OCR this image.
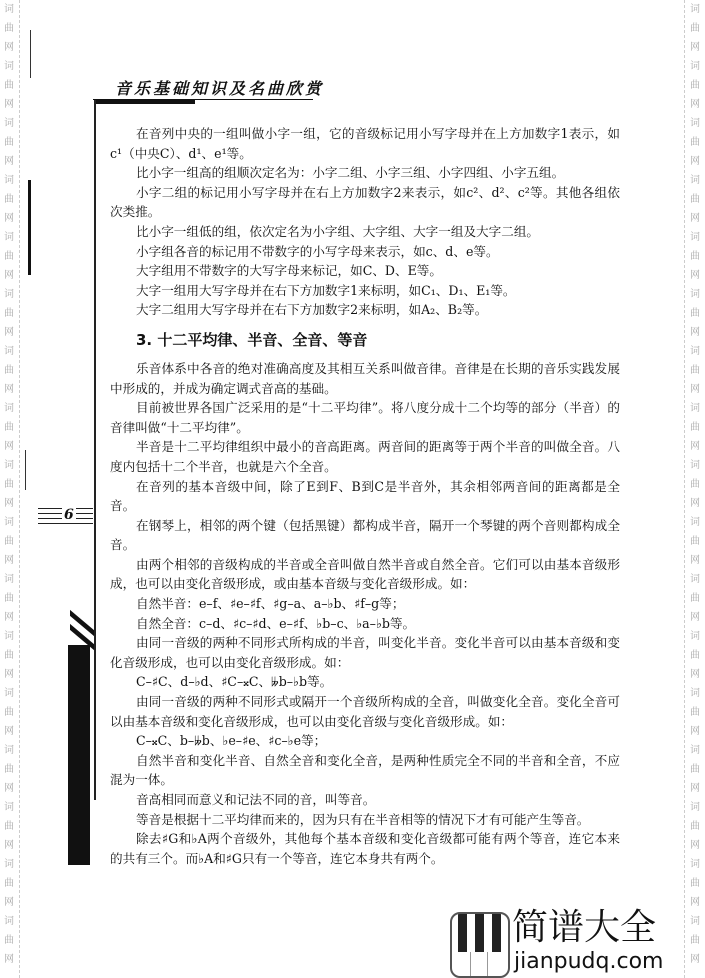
词
曲
网
词
曲
网
词
曲
网
词
曲
网
词
曲
网
词
曲
网
词
曲
网
词
曲
网
词
曲
网
词
曲
网
词
曲
网
词
曲
网
词
曲
网
词
曲
网
词
曲
网
词
曲
网
词
曲
网
词
曲
网
词
曲
网
词
曲
网
词
曲
网
词
曲
网
词
曲
网
词
曲
网
词
曲
网
词
曲
网
词
曲
网
词
曲
网
词
曲
网
词
曲
网
词
曲
网
词
曲
网
词
曲
网
词
曲
网
音乐基础知识及名曲欣赏
6

在音列中央的一组叫做小字一组，它的音级标记用小写字母并在上方加数字1表示，如c¹（中央C）、d¹、e¹等。

比小字一组高的组顺次定名为：小字二组、小字三组、小字四组、小字五组。

小字二组的标记用小写字母并在右上方加数字2来表示，如c²、d²、c²等。其他各组依次类推。

比小字一组低的组，依次定名为小字组、大字组、大字一组及大字二组。

小字组各音的标记用不带数字的小写字母来表示，如c、d、e等。

大字组用不带数字的大写字母来标记，如C、D、E等。

大字一组用大写字母并在右下方加数字1来标明，如C₁、D₁、E₁等。

大字二组用大写字母并在右下方加数字2来标明，如A₂、B₂等。

3. 十二平均律、半音、全音、等音

乐音体系中各音的绝对准确高度及其相互关系叫做音律。音律是在长期的音乐实践发展中形成的，并成为确定调式音高的基础。

目前被世界各国广泛采用的是“十二平均律”。将八度分成十二个均等的部分（半音）的音律叫做“十二平均律”。

半音是十二平均律组织中最小的音高距离。两音间的距离等于两个半音的叫做全音。八度内包括十二个半音，也就是六个全音。

在音列的基本音级中间，除了E到F、B到C是半音外，其余相邻两音间的距离都是全音。

在钢琴上，相邻的两个键（包括黑键）都构成半音，隔开一个琴键的两个音则都构成全音。

由两个相邻的音级构成的半音或全音叫做自然半音或自然全音。它们可以由基本音级形成，也可以由变化音级形成，或由基本音级与变化音级形成。如：

自然半音：e–f、♯e–♯f、♯g–a、a–♭b、♯f–g等；

自然全音：c–d、♯c–♯d、e–♯f、♭b–c、♭a–♭b等。

由同一音级的两种不同形式所构成的半音，叫变化半音。变化半音可以由基本音级和变化音级形成，也可以由变化音级形成。如：

C–♯C、d–♭d、♯C–𝄪C、𝄫b–♭b等。

由同一音级的两种不同形式或隔开一个音级所构成的全音，叫做变化全音。变化全音可以由基本音级和变化音级形成，也可以由变化音级与变化音级形成。如：

C–𝄪C、b–𝄫b、♭e–♯e、♯c–♭e等；

自然半音和变化半音、自然全音和变化全音，是两种性质完全不同的半音和全音，不应混为一体。

音高相同而意义和记法不同的音，叫等音。

等音是根据十二平均律而来的，因为只有在半音相等的情况下才有可能产生等音。

除去♯G和♭A两个音级外，其他每个基本音级和变化音级都可能有两个等音，连它本来的共有三个。而♭A和♯G只有一个等音，连它本身共有两个。

简谱大全
jianpudq.com
